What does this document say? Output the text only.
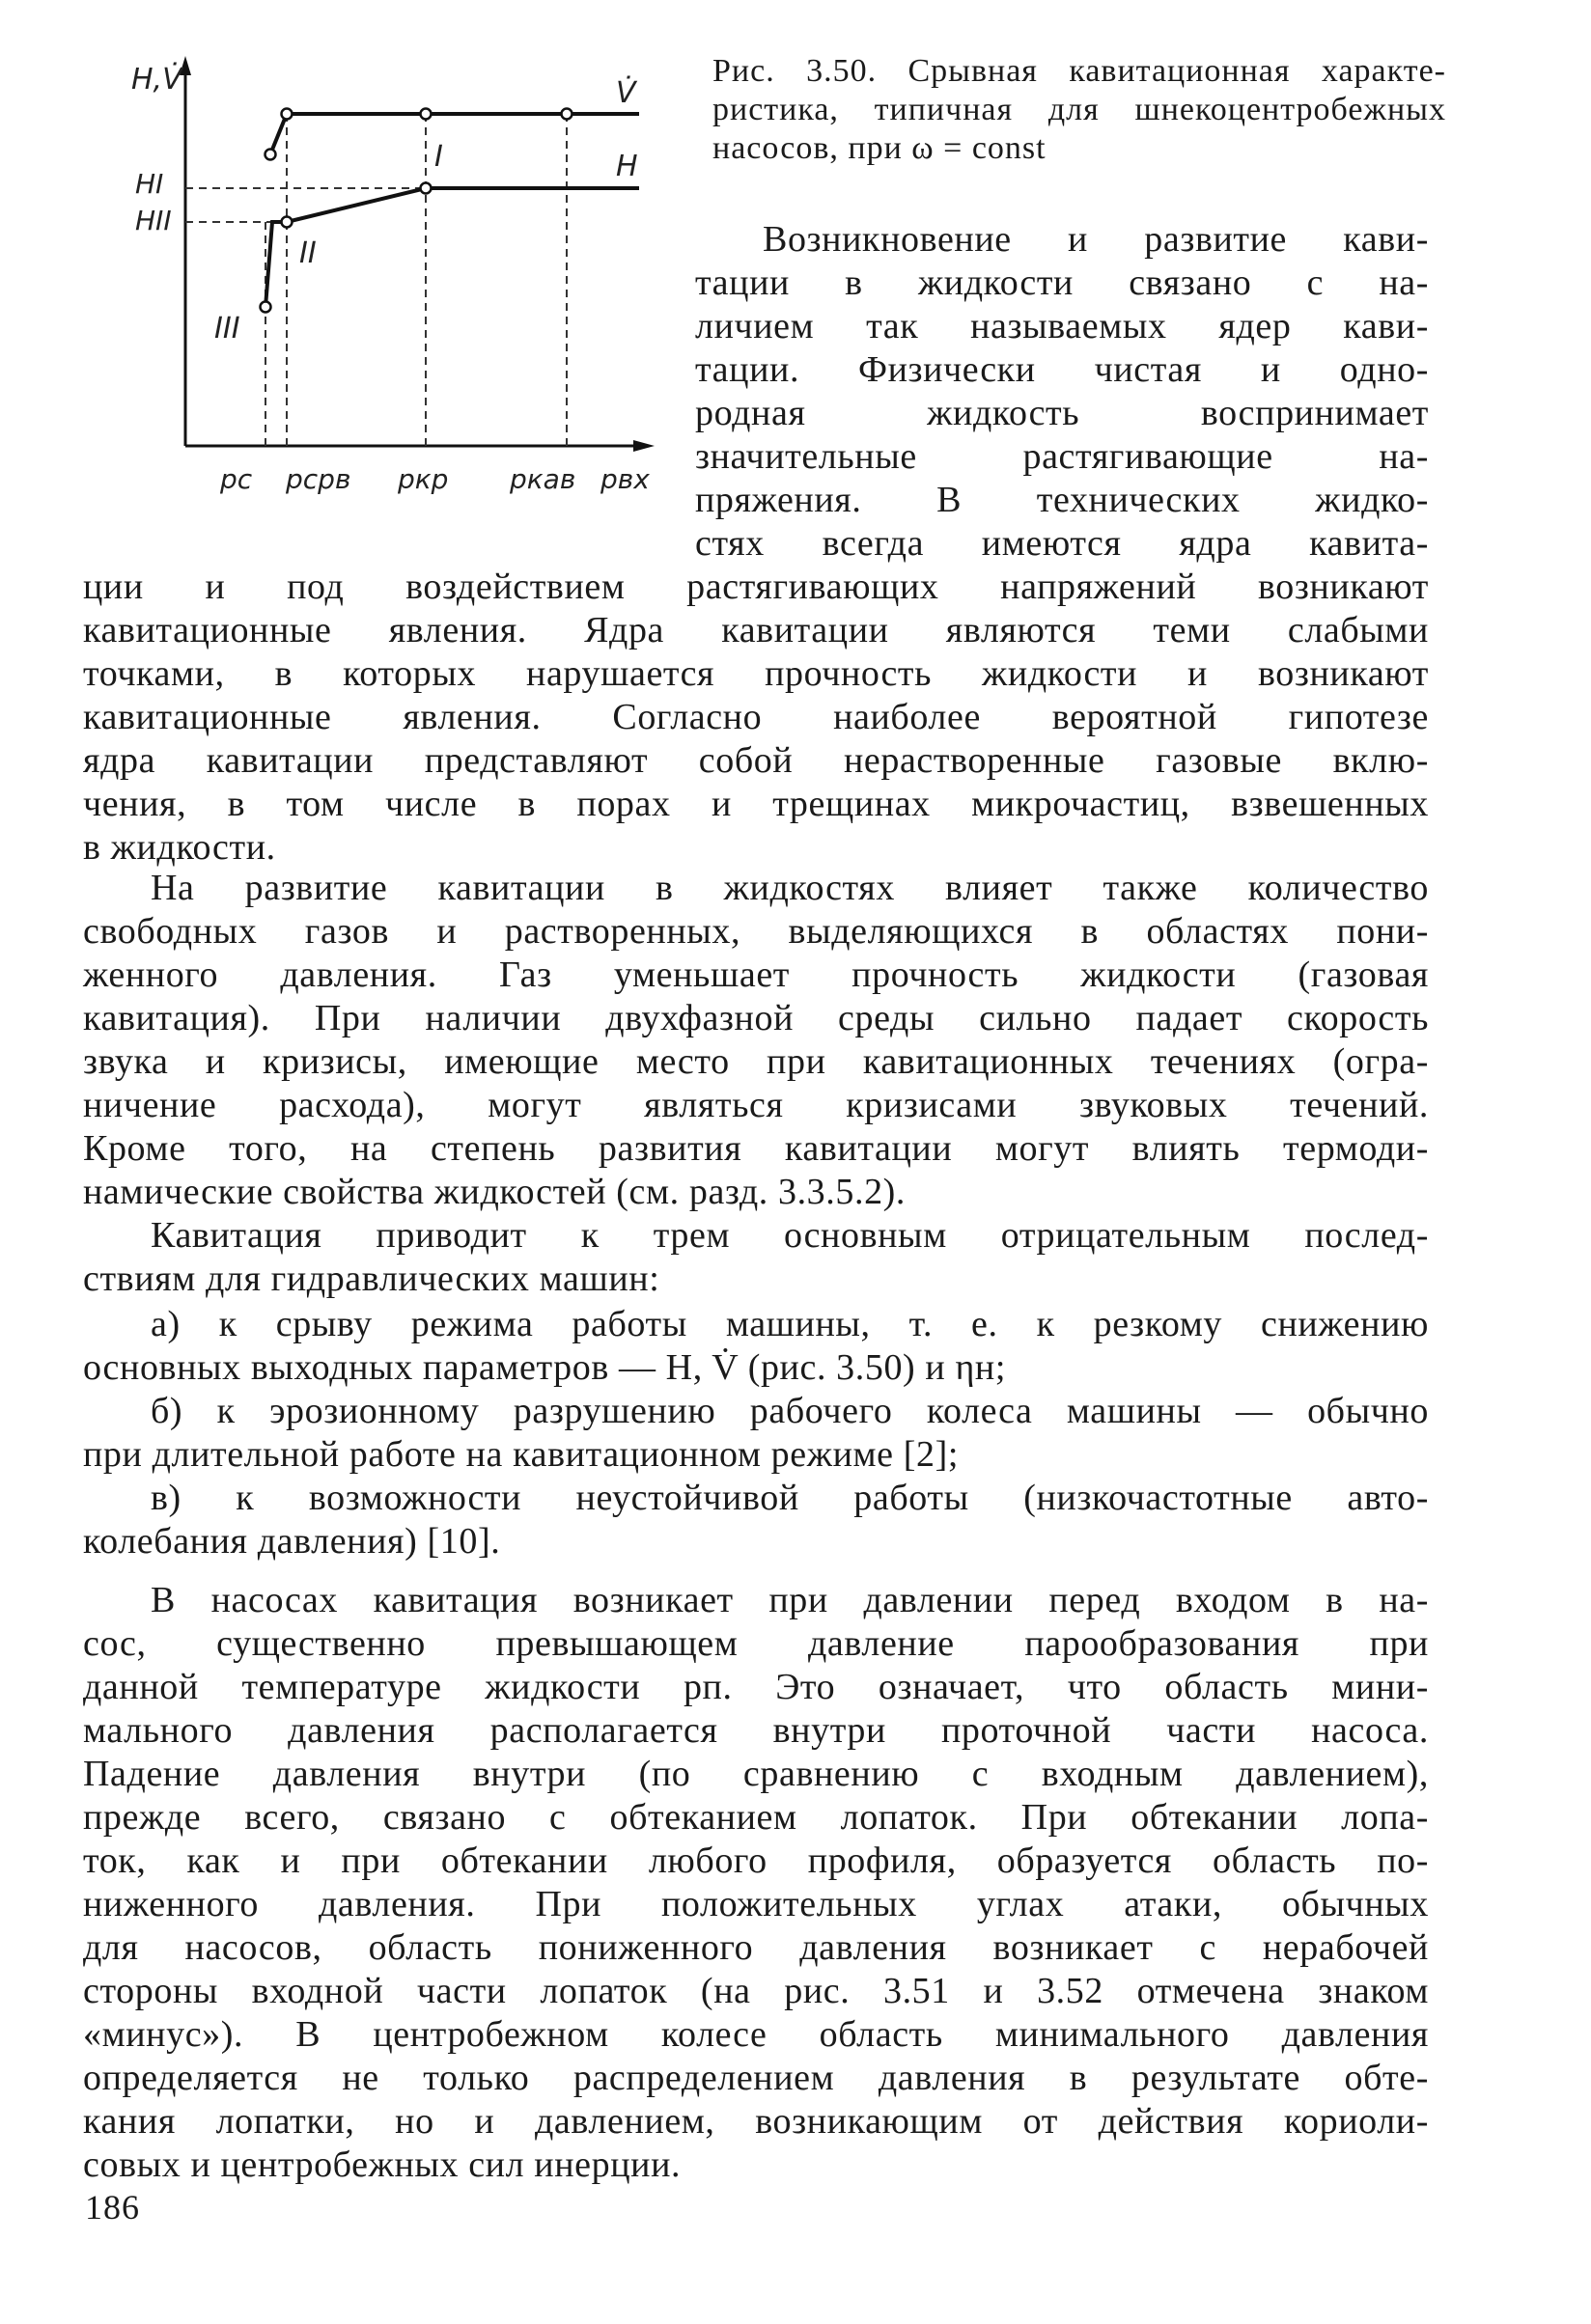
H,V̇	V̇
H
HI
HII
I
II
III
pс pсрв pкр pкав pвх
Рис. 3.50. Срывная кавитационная характе-
ристика, типичная для шнекоцентробежных
насосов, при ω = const
Возникновение и развитие кави-
тации в жидкости связано с на-
личием так называемых ядер кави-
тации. Физически чистая и одно-
родная жидкость воспринимает
значительные растягивающие на-
пряжения. В технических жидко-
стях всегда имеются ядра кавита-
ции и под воздействием растягивающих напряжений возникают
кавитационные явления. Ядра кавитации являются теми слабыми
точками, в которых нарушается прочность жидкости и возникают
кавитационные явления. Согласно наиболее вероятной гипотезе
ядра кавитации представляют собой нерастворенные газовые вклю-
чения, в том числе в порах и трещинах микрочастиц, взвешенных
в жидкости.
На развитие кавитации в жидкостях влияет также количество
свободных газов и растворенных, выделяющихся в областях пони-
женного давления. Газ уменьшает прочность жидкости (газовая
кавитация). При наличии двухфазной среды сильно падает скорость
звука и кризисы, имеющие место при кавитационных течениях (огра-
ничение расхода), могут являться кризисами звуковых течений.
Кроме того, на степень развития кавитации могут влиять термоди-
намические свойства жидкостей (см. разд. 3.3.5.2).
Кавитация приводит к трем основным отрицательным послед-
ствиям для гидравлических машин:
а) к срыву режима работы машины, т. е. к резкому снижению
основных выходных параметров — H, V̇ (рис. 3.50) и ηн;
б) к эрозионному разрушению рабочего колеса машины — обычно
при длительной работе на кавитационном режиме [2];
в) к возможности неустойчивой работы (низкочастотные авто-
колебания давления) [10].
В насосах кавитация возникает при давлении перед входом в на-
сос, существенно превышающем давление парообразования при
данной температуре жидкости pп. Это означает, что область мини-
мального давления располагается внутри проточной части насоса.
Падение давления внутри (по сравнению с входным давлением),
прежде всего, связано с обтеканием лопаток. При обтекании лопа-
ток, как и при обтекании любого профиля, образуется область по-
ниженного давления. При положительных углах атаки, обычных
для насосов, область пониженного давления возникает с нерабочей
стороны входной части лопаток (на рис. 3.51 и 3.52 отмечена знаком
«минус»). В центробежном колесе область минимального давления
определяется не только распределением давления в результате обте-
кания лопатки, но и давлением, возникающим от действия кориоли-
совых и центробежных сил инерции.
186
